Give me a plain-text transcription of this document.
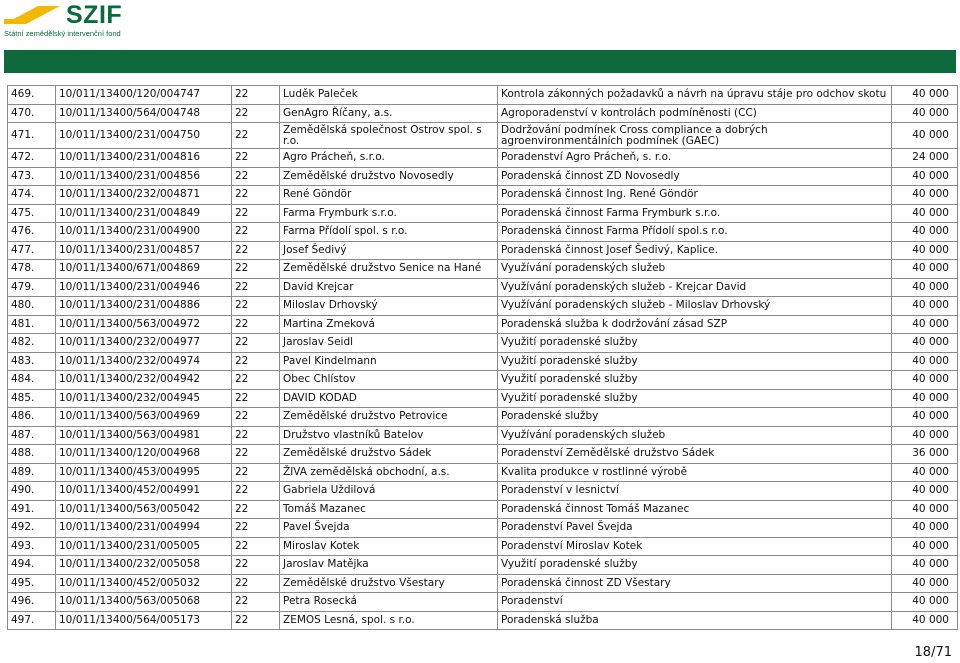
SZIF
Státní zemědělský intervenční fond
469.	10/011/13400/120/004747	22	Luděk Paleček	Kontrola zákonných požadavků a návrh na úpravu stáje pro odchov skotu	40 000
470.	10/011/13400/564/004748	22	GenAgro Říčany, a.s.	Agroporadenství v kontrolách podmíněnosti (CC)	40 000
471.	10/011/13400/231/004750	22	Zemědělská společnost Ostrov spol. s r.o.	Dodržování podmínek Cross compliance a dobrých agroenvironmentálních podmínek (GAEC)	40 000
472.	10/011/13400/231/004816	22	Agro Prácheň, s.r.o.	Poradenství Agro Prácheň, s. r.o.	24 000
473.	10/011/13400/231/004856	22	Zemědělské družstvo Novosedly	Poradenská činnost ZD Novosedly	40 000
474.	10/011/13400/232/004871	22	René Göndör	Poradenská činnost Ing. René Göndör	40 000
475.	10/011/13400/231/004849	22	Farma Frymburk s.r.o.	Poradenská činnost Farma Frymburk s.r.o.	40 000
476.	10/011/13400/231/004900	22	Farma Přídolí spol. s r.o.	Poradenská činnost Farma Přídolí spol.s r.o.	40 000
477.	10/011/13400/231/004857	22	Josef Šedivý	Poradenská činnost Josef Šedivý, Kaplice.	40 000
478.	10/011/13400/671/004869	22	Zemědělské družstvo Senice na Hané	Využívání poradenských služeb	40 000
479.	10/011/13400/231/004946	22	David Krejcar	Využívání poradenských služeb - Krejcar David	40 000
480.	10/011/13400/231/004886	22	Miloslav Drhovský	Využívání poradenských služeb - Miloslav Drhovský	40 000
481.	10/011/13400/563/004972	22	Martina Zmeková	Poradenská služba k dodržování zásad SZP	40 000
482.	10/011/13400/232/004977	22	Jaroslav Seidl	Využití poradenské služby	40 000
483.	10/011/13400/232/004974	22	Pavel Kindelmann	Využití poradenské služby	40 000
484.	10/011/13400/232/004942	22	Obec Chlístov	Využití poradenské služby	40 000
485.	10/011/13400/232/004945	22	DAVID KODAD	Využití poradenské služby	40 000
486.	10/011/13400/563/004969	22	Zemědělské družstvo Petrovice	Poradenské služby	40 000
487.	10/011/13400/563/004981	22	Družstvo vlastníků Batelov	Využívání poradenských služeb	40 000
488.	10/011/13400/120/004968	22	Zemědělské družstvo Sádek	Poradenství Zemědělské družstvo Sádek	36 000
489.	10/011/13400/453/004995	22	ŽIVA zemědělská obchodní, a.s.	Kvalita produkce v rostlinné výrobě	40 000
490.	10/011/13400/452/004991	22	Gabriela Uždilová	Poradenství v lesnictví	40 000
491.	10/011/13400/563/005042	22	Tomáš Mazanec	Poradenská činnost Tomáš Mazanec	40 000
492.	10/011/13400/231/004994	22	Pavel Švejda	Poradenství Pavel Švejda	40 000
493.	10/011/13400/231/005005	22	Miroslav Kotek	Poradenství Miroslav Kotek	40 000
494.	10/011/13400/232/005058	22	Jaroslav Matějka	Využití poradenské služby	40 000
495.	10/011/13400/452/005032	22	Zemědělské družstvo Všestary	Poradenská činnost ZD Všestary	40 000
496.	10/011/13400/563/005068	22	Petra Rosecká	Poradenství	40 000
497.	10/011/13400/564/005173	22	ZEMOS Lesná, spol. s r.o.	Poradenská služba	40 000
18/71
